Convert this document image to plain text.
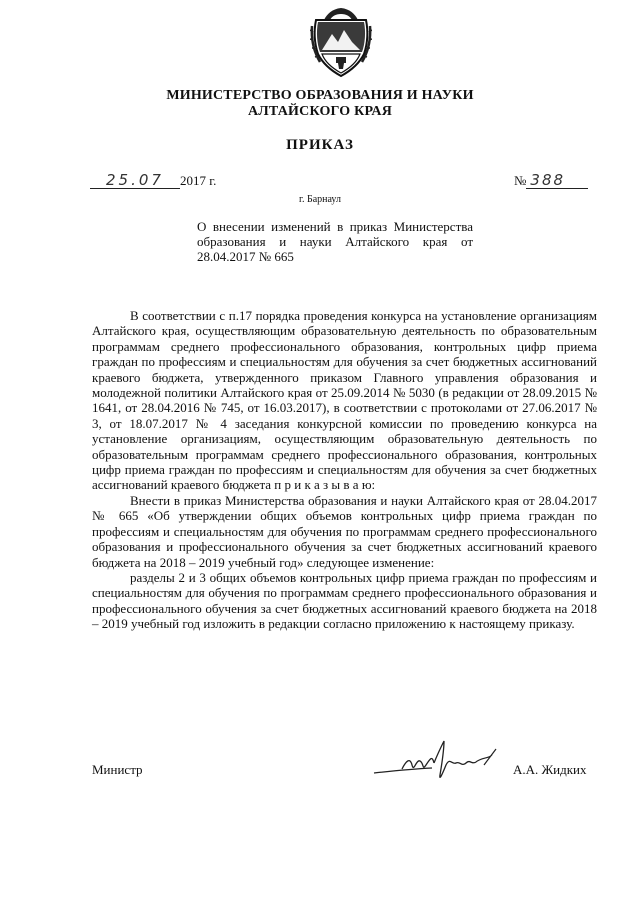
МИНИСТЕРСТВО ОБРАЗОВАНИЯ И НАУКИ
АЛТАЙСКОГО КРАЯ
ПРИКАЗ
25.07 2017 г.	№ 388
г. Барнаул
О внесении изменений в приказ Министерства образования и науки Алтайского края от 28.04.2017 № 665

В соответствии с п.17 порядка проведения конкурса на установление организациям Алтайского края, осуществляющим образовательную деятельность по образовательным программам среднего профессионального образования, контрольных цифр приема граждан по профессиям и специальностям для обучения за счет бюджетных ассигнований краевого бюджета, утвержденного приказом Главного управления образования и молодежной политики Алтайского края от 25.09.2014 № 5030 (в редакции от 28.09.2015 № 1641, от 28.04.2016 № 745, от 16.03.2017), в соответствии с протоколами от 27.06.2017 № 3, от 18.07.2017 № 4 заседания конкурсной комиссии по проведению конкурса на установление организациям, осуществляющим образовательную деятельность по образовательным программам среднего профессионального образования, контрольных цифр приема граждан по профессиям и специальностям для обучения за счет бюджетных ассигнований краевого бюджета п р и к а з ы в а ю:

Внести в приказ Министерства образования и науки Алтайского края от 28.04.2017 № 665 «Об утверждении общих объемов контрольных цифр приема граждан по профессиям и специальностям для обучения по программам среднего профессионального образования и профессионального обучения за счет бюджетных ассигнований краевого бюджета на 2018 – 2019 учебный год» следующее изменение:

разделы 2 и 3 общих объемов контрольных цифр приема граждан по профессиям и специальностям для обучения по программам среднего профессионального образования и профессионального обучения за счет бюджетных ассигнований краевого бюджета на 2018 – 2019 учебный год изложить в редакции согласно приложению к настоящему приказу.

Министр	А.А. Жидких
